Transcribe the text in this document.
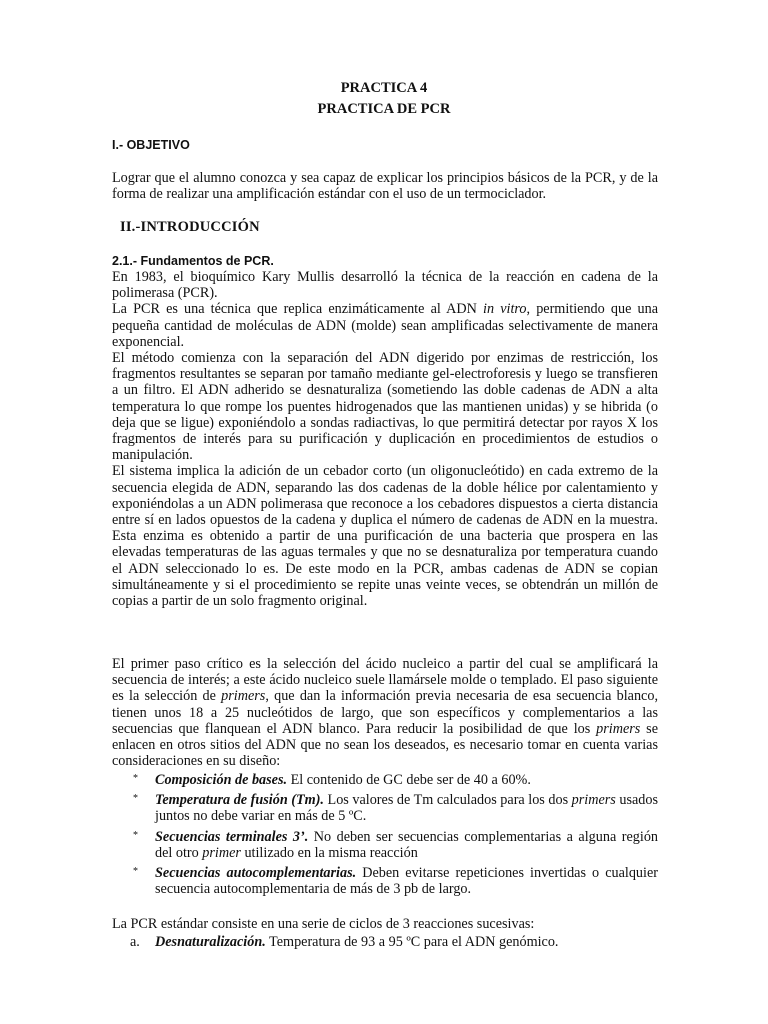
PRACTICA 4
PRACTICA DE PCR
I.- OBJETIVO

Lograr que el alumno conozca y sea capaz de explicar los principios básicos de la PCR, y de la forma de realizar una amplificación estándar con el uso de un termociclador.

II.-INTRODUCCIÓN
2.1.- Fundamentos de PCR.

En 1983, el bioquímico Kary Mullis desarrolló la técnica de la reacción en cadena de la polimerasa (PCR).

La PCR es una técnica que replica enzimáticamente al ADN in vitro, permitiendo que una pequeña cantidad de moléculas de ADN (molde) sean amplificadas selectivamente de manera exponencial.

El método comienza con la separación del ADN digerido por enzimas de restricción, los fragmentos resultantes se separan por tamaño mediante gel-electroforesis y luego se transfieren a un filtro. El ADN adherido se desnaturaliza (sometiendo las doble cadenas de ADN a alta temperatura lo que rompe los puentes hidrogenados que las mantienen unidas) y se hibrida (o deja que se ligue) exponiéndolo a sondas radiactivas, lo que permitirá detectar por rayos X los fragmentos de interés para su purificación y duplicación en procedimientos de estudios o manipulación.

El sistema implica la adición de un cebador corto (un oligonucleótido) en cada extremo de la secuencia elegida de ADN, separando las dos cadenas de la doble hélice por calentamiento y exponiéndolas a un ADN polimerasa que reconoce a los cebadores dispuestos a cierta distancia entre sí en lados opuestos de la cadena y duplica el número de cadenas de ADN en la muestra. Esta enzima es obtenido a partir de una purificación de una bacteria que prospera en las elevadas temperaturas de las aguas termales y que no se desnaturaliza por temperatura cuando el ADN seleccionado lo es. De este modo en la PCR, ambas cadenas de ADN se copian simultáneamente y si el procedimiento se repite unas veinte veces, se obtendrán un millón de copias a partir de un solo fragmento original.

El primer paso crítico es la selección del ácido nucleico a partir del cual se amplificará la secuencia de interés; a este ácido nucleico suele llamársele molde o templado. El paso siguiente es la selección de primers, que dan la información previa necesaria de esa secuencia blanco, tienen unos 18 a 25 nucleótidos de largo, que son específicos y complementarios a las secuencias que flanquean el ADN blanco. Para reducir la posibilidad de que los primers se enlacen en otros sitios del ADN que no sean los deseados, es necesario tomar en cuenta varias consideraciones en su diseño:

* Composición de bases. El contenido de GC debe ser de 40 a 60%.
* Temperatura de fusión (Tm). Los valores de Tm calculados para los dos primers usados juntos no debe variar en más de 5 ºC.
* Secuencias terminales 3’. No deben ser secuencias complementarias a alguna región del otro primer utilizado en la misma reacción
* Secuencias autocomplementarias. Deben evitarse repeticiones invertidas o cualquier secuencia autocomplementaria de más de 3 pb de largo.

La PCR estándar consiste en una serie de ciclos de 3 reacciones sucesivas:

a. Desnaturalización. Temperatura de 93 a 95 ºC para el ADN genómico.
